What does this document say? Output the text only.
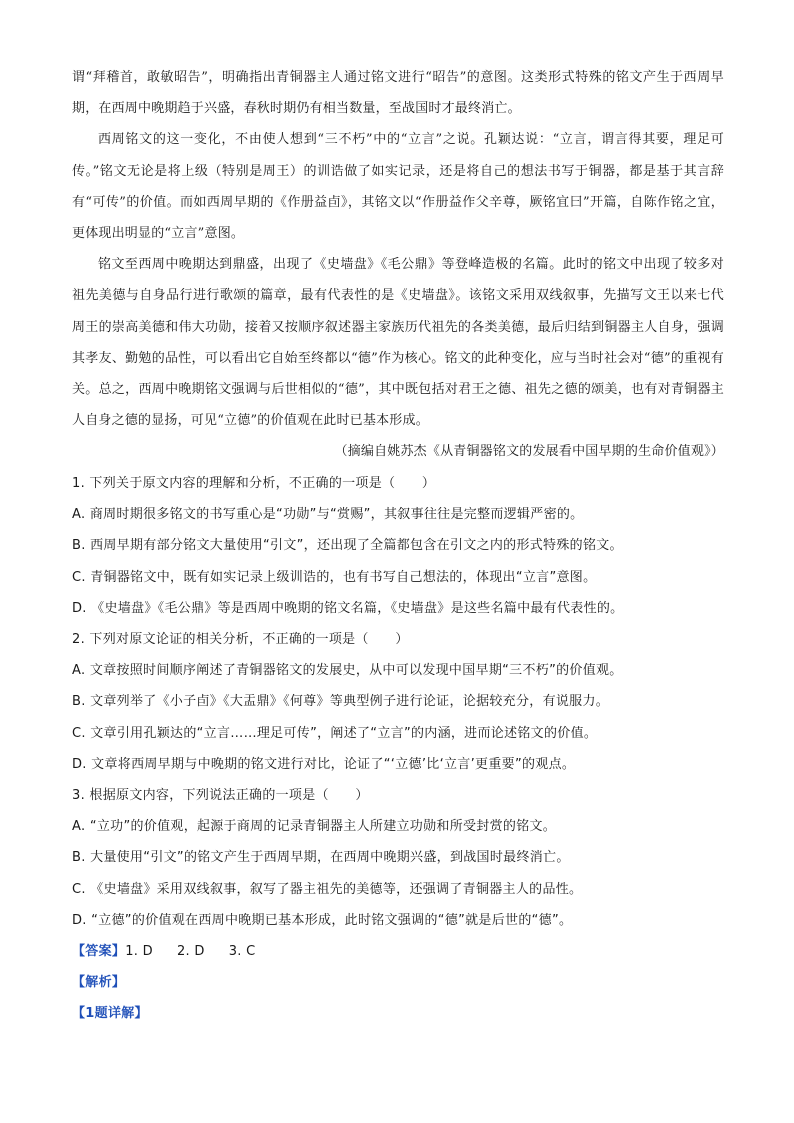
谓“拜稽首，敢敏昭告”，明确指出青铜器主人通过铭文进行“昭告”的意图。这类形式特殊的铭文产生于西周早期，在西周中晚期趋于兴盛，春秋时期仍有相当数量，至战国时才最终消亡。

西周铭文的这一变化，不由使人想到“三不朽”中的“立言”之说。孔颖达说：“立言，谓言得其要，理足可传。”铭文无论是将上级（特别是周王）的训诰做了如实记录，还是将自己的想法书写于铜器，都是基于其言辞有“可传”的价值。而如西周早期的《作册益卣》，其铭文以“作册益作父辛尊，厥铭宜曰”开篇，自陈作铭之宜，更体现出明显的“立言”意图。

铭文至西周中晚期达到鼎盛，出现了《史墙盘》《毛公鼎》等登峰造极的名篇。此时的铭文中出现了较多对祖先美德与自身品行进行歌颂的篇章，最有代表性的是《史墙盘》。该铭文采用双线叙事，先描写文王以来七代周王的崇高美德和伟大功勋，接着又按顺序叙述器主家族历代祖先的各类美德，最后归结到铜器主人自身，强调其孝友、勤勉的品性，可以看出它自始至终都以“德”作为核心。铭文的此种变化，应与当时社会对“德”的重视有关。总之，西周中晚期铭文强调与后世相似的“德”，其中既包括对君王之德、祖先之德的颂美，也有对青铜器主人自身之德的显扬，可见“立德”的价值观在此时已基本形成。

（摘编自姚苏杰《从青铜器铭文的发展看中国早期的生命价值观》）

1. 下列关于原文内容的理解和分析，不正确的一项是（　　）

A. 商周时期很多铭文的书写重心是“功勋”与“赏赐”，其叙事往往是完整而逻辑严密的。

B. 西周早期有部分铭文大量使用“引文”，还出现了全篇都包含在引文之内的形式特殊的铭文。

C. 青铜器铭文中，既有如实记录上级训诰的，也有书写自己想法的，体现出“立言”意图。

D. 《史墙盘》《毛公鼎》等是西周中晚期的铭文名篇，《史墙盘》是这些名篇中最有代表性的。

2. 下列对原文论证的相关分析，不正确的一项是（　　）

A. 文章按照时间顺序阐述了青铜器铭文的发展史，从中可以发现中国早期“三不朽”的价值观。

B. 文章列举了《小子卣》《大盂鼎》《何尊》等典型例子进行论证，论据较充分，有说服力。

C. 文章引用孔颖达的“立言……理足可传”，阐述了“立言”的内涵，进而论述铭文的价值。

D. 文章将西周早期与中晚期的铭文进行对比，论证了“‘立德’比‘立言’更重要”的观点。

3. 根据原文内容，下列说法正确的一项是（　　）

A. “立功”的价值观，起源于商周的记录青铜器主人所建立功勋和所受封赏的铭文。

B. 大量使用“引文”的铭文产生于西周早期，在西周中晚期兴盛，到战国时最终消亡。

C. 《史墙盘》采用双线叙事，叙写了器主祖先的美德等，还强调了青铜器主人的品性。

D. “立德”的价值观在西周中晚期已基本形成，此时铭文强调的“德”就是后世的“德”。

【答案】1. D 2. D 3. C

【解析】

【1题详解】
